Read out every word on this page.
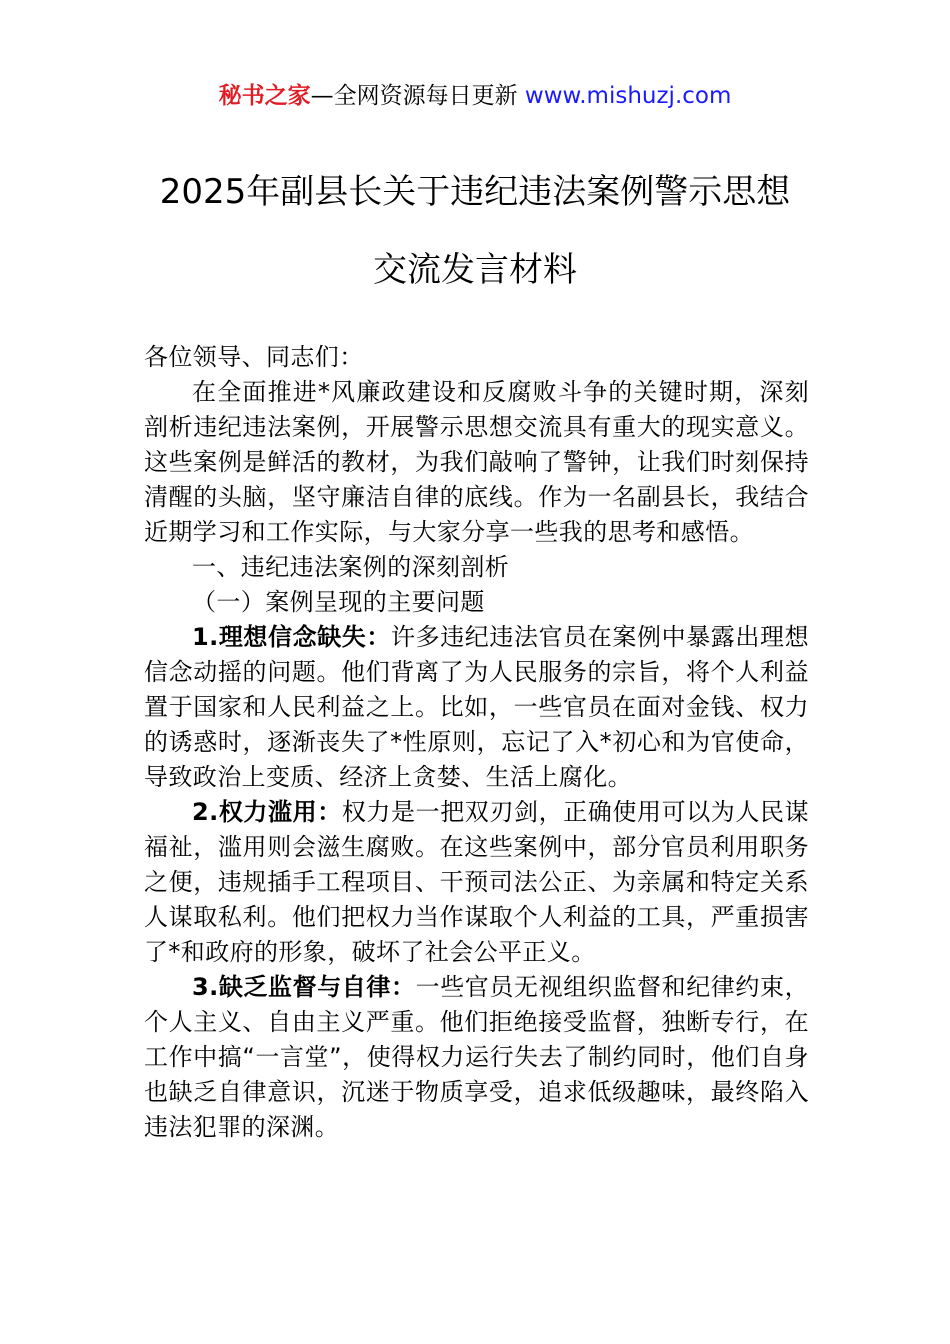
秘书之家—全网资源每日更新 www.mishuzj.com
2025年副县长关于违纪违法案例警示思想
交流发言材料

各位领导、同志们：

在全面推进*风廉政建设和反腐败斗争的关键时期，深刻剖析违纪违法案例，开展警示思想交流具有重大的现实意义。这些案例是鲜活的教材，为我们敲响了警钟，让我们时刻保持清醒的头脑，坚守廉洁自律的底线。作为一名副县长，我结合近期学习和工作实际，与大家分享一些我的思考和感悟。

一、违纪违法案例的深刻剖析

（一）案例呈现的主要问题

1.理想信念缺失：许多违纪违法官员在案例中暴露出理想信念动摇的问题。他们背离了为人民服务的宗旨，将个人利益置于国家和人民利益之上。比如，一些官员在面对金钱、权力的诱惑时，逐渐丧失了*性原则，忘记了入*初心和为官使命，导致政治上变质、经济上贪婪、生活上腐化。

2.权力滥用：权力是一把双刃剑，正确使用可以为人民谋福祉，滥用则会滋生腐败。在这些案例中，部分官员利用职务之便，违规插手工程项目、干预司法公正、为亲属和特定关系人谋取私利。他们把权力当作谋取个人利益的工具，严重损害了*和政府的形象，破坏了社会公平正义。

3.缺乏监督与自律：一些官员无视组织监督和纪律约束，个人主义、自由主义严重。他们拒绝接受监督，独断专行，在工作中搞“一言堂”，使得权力运行失去了制约同时，他们自身也缺乏自律意识，沉迷于物质享受，追求低级趣味，最终陷入违法犯罪的深渊。
